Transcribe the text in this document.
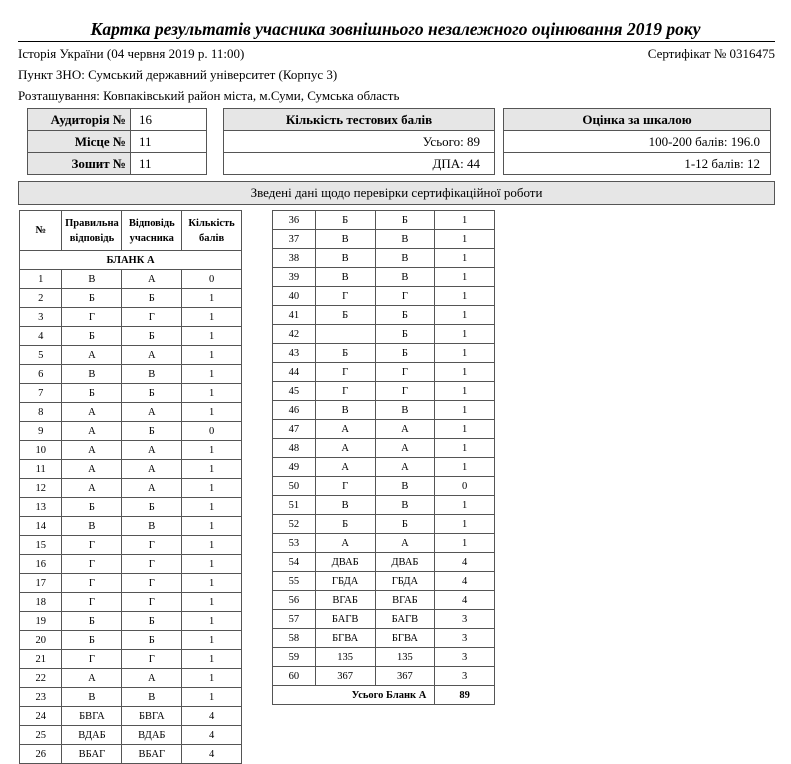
Картка результатів учасника зовнішнього незалежного оцінювання 2019 року
Історія України (04 червня 2019 р. 11:00)	Сертифікат № 0316475
Пункт ЗНО: Сумський державний університет (Корпус 3)
Розташування: Ковпаківський район міста, м.Суми, Сумська область
Аудиторія №	16
Місце №	11
Зошит №	11
Кількість тестових балів
Усього: 89
ДПА: 44
Оцінка за шкалою
100-200 балів: 196.0
1-12 балів: 12
Зведені дані щодо перевірки сертифікаційної роботи
№	Правильна відповідь	Відповідь учасника	Кількість балів
БЛАНК А			
1	В	А	0
2	Б	Б	1
3	Г	Г	1
4	Б	Б	1
5	А	А	1
6	В	В	1
7	Б	Б	1
8	А	А	1
9	А	Б	0
10	А	А	1
11	А	А	1
12	А	А	1
13	Б	Б	1
14	В	В	1
15	Г	Г	1
16	Г	Г	1
17	Г	Г	1
18	Г	Г	1
19	Б	Б	1
20	Б	Б	1
21	Г	Г	1
22	А	А	1
23	В	В	1
24	БВГА	БВГА	4
25	ВДАБ	ВДАБ	4
26	ВБАГ	ВБАГ	4
36	Б	Б	1
37	В	В	1
38	В	В	1
39	В	В	1
40	Г	Г	1
41	Б	Б	1
42		Б	1
43	Б	Б	1
44	Г	Г	1
45	Г	Г	1
46	В	В	1
47	А	А	1
48	А	А	1
49	А	А	1
50	Г	В	0
51	В	В	1
52	Б	Б	1
53	А	А	1
54	ДВАБ	ДВАБ	4
55	ГБДА	ГБДА	4
56	ВГАБ	ВГАБ	4
57	БАГВ	БАГВ	3
58	БГВА	БГВА	3
59	135	135	3
60	367	367	3
Усього Бланк А			89
